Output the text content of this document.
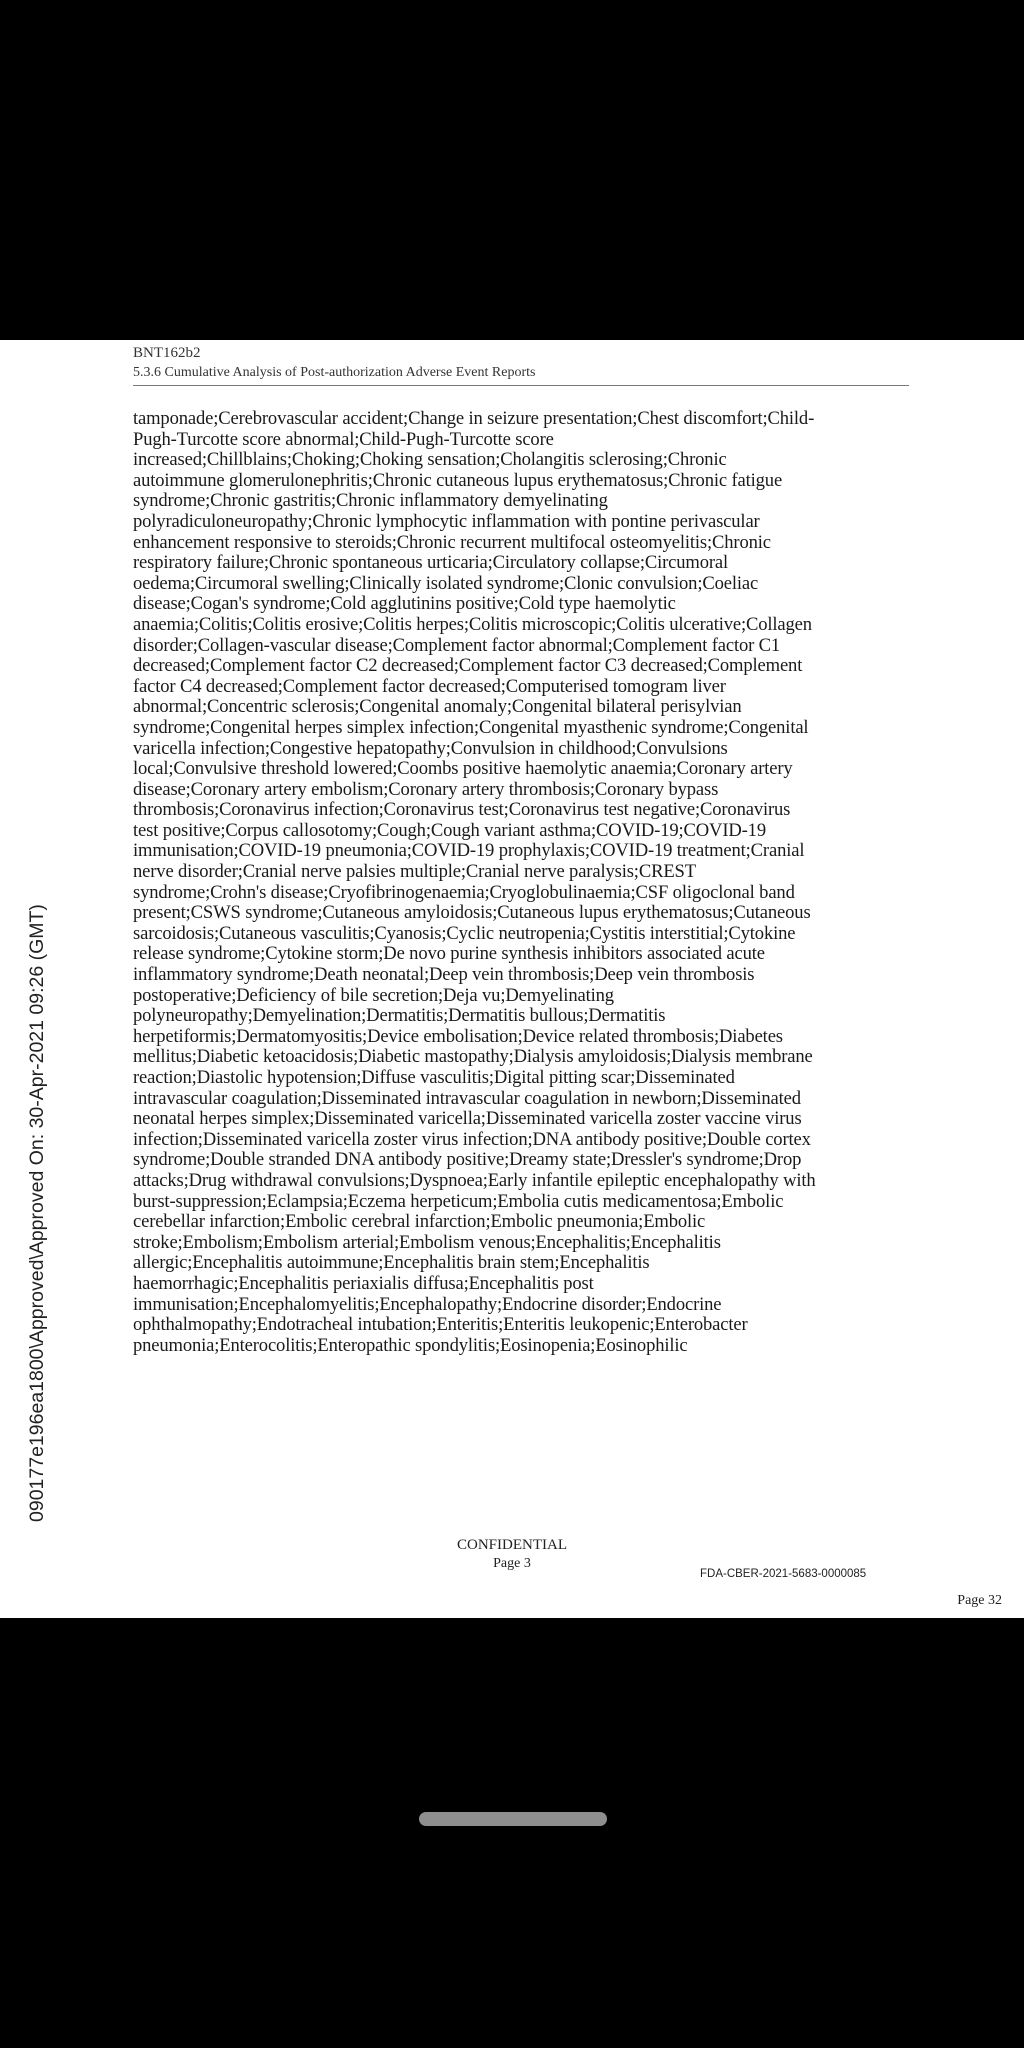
BNT162b2
5.3.6 Cumulative Analysis of Post-authorization Adverse Event Reports
090177e196ea1800\Approved\Approved On: 30-Apr-2021 09:26 (GMT)

tamponade;Cerebrovascular accident;Change in seizure presentation;Chest discomfort;Child-
Pugh-Turcotte score abnormal;Child-Pugh-Turcotte score
increased;Chillblains;Choking;Choking sensation;Cholangitis sclerosing;Chronic
autoimmune glomerulonephritis;Chronic cutaneous lupus erythematosus;Chronic fatigue
syndrome;Chronic gastritis;Chronic inflammatory demyelinating
polyradiculoneuropathy;Chronic lymphocytic inflammation with pontine perivascular
enhancement responsive to steroids;Chronic recurrent multifocal osteomyelitis;Chronic
respiratory failure;Chronic spontaneous urticaria;Circulatory collapse;Circumoral
oedema;Circumoral swelling;Clinically isolated syndrome;Clonic convulsion;Coeliac
disease;Cogan's syndrome;Cold agglutinins positive;Cold type haemolytic
anaemia;Colitis;Colitis erosive;Colitis herpes;Colitis microscopic;Colitis ulcerative;Collagen
disorder;Collagen-vascular disease;Complement factor abnormal;Complement factor C1
decreased;Complement factor C2 decreased;Complement factor C3 decreased;Complement
factor C4 decreased;Complement factor decreased;Computerised tomogram liver
abnormal;Concentric sclerosis;Congenital anomaly;Congenital bilateral perisylvian
syndrome;Congenital herpes simplex infection;Congenital myasthenic syndrome;Congenital
varicella infection;Congestive hepatopathy;Convulsion in childhood;Convulsions
local;Convulsive threshold lowered;Coombs positive haemolytic anaemia;Coronary artery
disease;Coronary artery embolism;Coronary artery thrombosis;Coronary bypass
thrombosis;Coronavirus infection;Coronavirus test;Coronavirus test negative;Coronavirus
test positive;Corpus callosotomy;Cough;Cough variant asthma;COVID-19;COVID-19
immunisation;COVID-19 pneumonia;COVID-19 prophylaxis;COVID-19 treatment;Cranial
nerve disorder;Cranial nerve palsies multiple;Cranial nerve paralysis;CREST
syndrome;Crohn's disease;Cryofibrinogenaemia;Cryoglobulinaemia;CSF oligoclonal band
present;CSWS syndrome;Cutaneous amyloidosis;Cutaneous lupus erythematosus;Cutaneous
sarcoidosis;Cutaneous vasculitis;Cyanosis;Cyclic neutropenia;Cystitis interstitial;Cytokine
release syndrome;Cytokine storm;De novo purine synthesis inhibitors associated acute
inflammatory syndrome;Death neonatal;Deep vein thrombosis;Deep vein thrombosis
postoperative;Deficiency of bile secretion;Deja vu;Demyelinating
polyneuropathy;Demyelination;Dermatitis;Dermatitis bullous;Dermatitis
herpetiformis;Dermatomyositis;Device embolisation;Device related thrombosis;Diabetes
mellitus;Diabetic ketoacidosis;Diabetic mastopathy;Dialysis amyloidosis;Dialysis membrane
reaction;Diastolic hypotension;Diffuse vasculitis;Digital pitting scar;Disseminated
intravascular coagulation;Disseminated intravascular coagulation in newborn;Disseminated
neonatal herpes simplex;Disseminated varicella;Disseminated varicella zoster vaccine virus
infection;Disseminated varicella zoster virus infection;DNA antibody positive;Double cortex
syndrome;Double stranded DNA antibody positive;Dreamy state;Dressler's syndrome;Drop
attacks;Drug withdrawal convulsions;Dyspnoea;Early infantile epileptic encephalopathy with
burst-suppression;Eclampsia;Eczema herpeticum;Embolia cutis medicamentosa;Embolic
cerebellar infarction;Embolic cerebral infarction;Embolic pneumonia;Embolic
stroke;Embolism;Embolism arterial;Embolism venous;Encephalitis;Encephalitis
allergic;Encephalitis autoimmune;Encephalitis brain stem;Encephalitis
haemorrhagic;Encephalitis periaxialis diffusa;Encephalitis post
immunisation;Encephalomyelitis;Encephalopathy;Endocrine disorder;Endocrine
ophthalmopathy;Endotracheal intubation;Enteritis;Enteritis leukopenic;Enterobacter
pneumonia;Enterocolitis;Enteropathic spondylitis;Eosinopenia;Eosinophilic

CONFIDENTIAL
Page 3
FDA-CBER-2021-5683-0000085
Page 32
